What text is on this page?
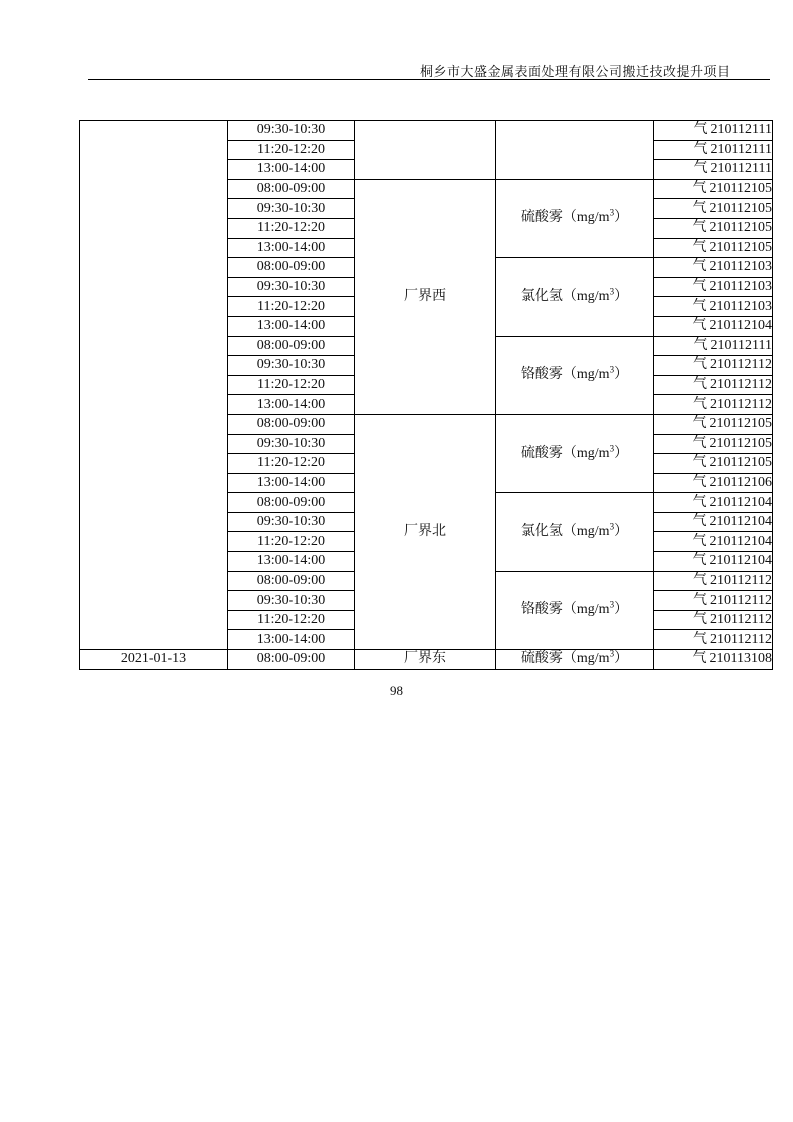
桐乡市大盛金属表面处理有限公司搬迁技改提升项目
	09:30-10:30			气 210112111
	11:20-12:20			气 210112111
	13:00-14:00			气 210112111
	08:00-09:00	厂界西	硫酸雾$(mg/m^3)$	气 210112105
	09:30-10:30			气 210112105
	11:20-12:20			气 210112105
	13:00-14:00			气 210112105
	08:00-09:00		氯化氢$(mg/m^3)$	气 210112103
	09:30-10:30			气 210112103
	11:20-12:20			气 210112103
	13:00-14:00			气 210112104
	08:00-09:00		铬酸雾$(mg/m^3)$	气 210112111
	09:30-10:30			气 210112112
	11:20-12:20			气 210112112
	13:00-14:00			气 210112112
	08:00-09:00	厂界北	硫酸雾$(mg/m^3)$	气 210112105
	09:30-10:30			气 210112105
	11:20-12:20			气 210112105
	13:00-14:00			气 210112106
	08:00-09:00		氯化氢$(mg/m^3)$	气 210112104
	09:30-10:30			气 210112104
	11:20-12:20			气 210112104
	13:00-14:00			气 210112104
	08:00-09:00		铬酸雾$(mg/m^3)$	气 210112112
	09:30-10:30			气 210112112
	11:20-12:20			气 210112112
	13:00-14:00			气 210112112
2021-01-13	08:00-09:00	厂界东	硫酸雾$(mg/m^3)$	气 210113108
98
